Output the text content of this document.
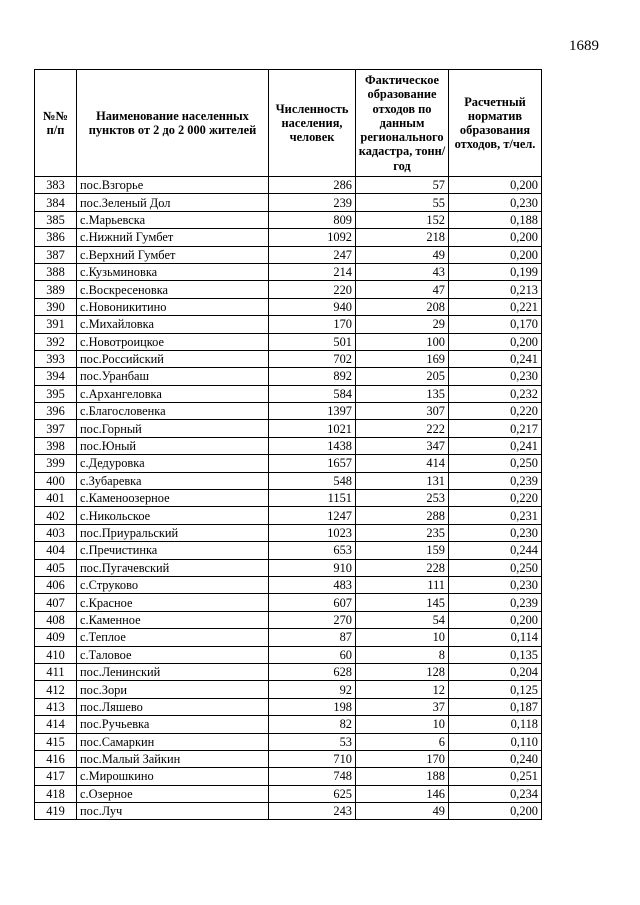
1689
№№ п/п	Наименование населенных пунктов от 2 до 2 000 жителей	Численность населения, человек	Фактическое образование отходов по данным регионального кадастра, тонн/год	Расчетный норматив образования отходов, т/чел.
383	пос.Взгорье	286	57	0,200
384	пос.Зеленый Дол	239	55	0,230
385	с.Марьевска	809	152	0,188
386	с.Нижний Гумбет	1092	218	0,200
387	с.Верхний Гумбет	247	49	0,200
388	с.Кузьминовка	214	43	0,199
389	с.Воскресеновка	220	47	0,213
390	с.Новоникитино	940	208	0,221
391	с.Михайловка	170	29	0,170
392	с.Новотроицкое	501	100	0,200
393	пос.Российский	702	169	0,241
394	пос.Уранбаш	892	205	0,230
395	с.Архангеловка	584	135	0,232
396	с.Благословенка	1397	307	0,220
397	пос.Горный	1021	222	0,217
398	пос.Юный	1438	347	0,241
399	с.Дедуровка	1657	414	0,250
400	с.Зубаревка	548	131	0,239
401	с.Каменоозерное	1151	253	0,220
402	с.Никольское	1247	288	0,231
403	пос.Приуральский	1023	235	0,230
404	с.Пречистинка	653	159	0,244
405	пос.Пугачевский	910	228	0,250
406	с.Струково	483	111	0,230
407	с.Красное	607	145	0,239
408	с.Каменное	270	54	0,200
409	с.Теплое	87	10	0,114
410	с.Таловое	60	8	0,135
411	пос.Ленинский	628	128	0,204
412	пос.Зори	92	12	0,125
413	пос.Ляшево	198	37	0,187
414	пос.Ручьевка	82	10	0,118
415	пос.Самаркин	53	6	0,110
416	пос.Малый Зайкин	710	170	0,240
417	с.Мирошкино	748	188	0,251
418	с.Озерное	625	146	0,234
419	пос.Луч	243	49	0,200
